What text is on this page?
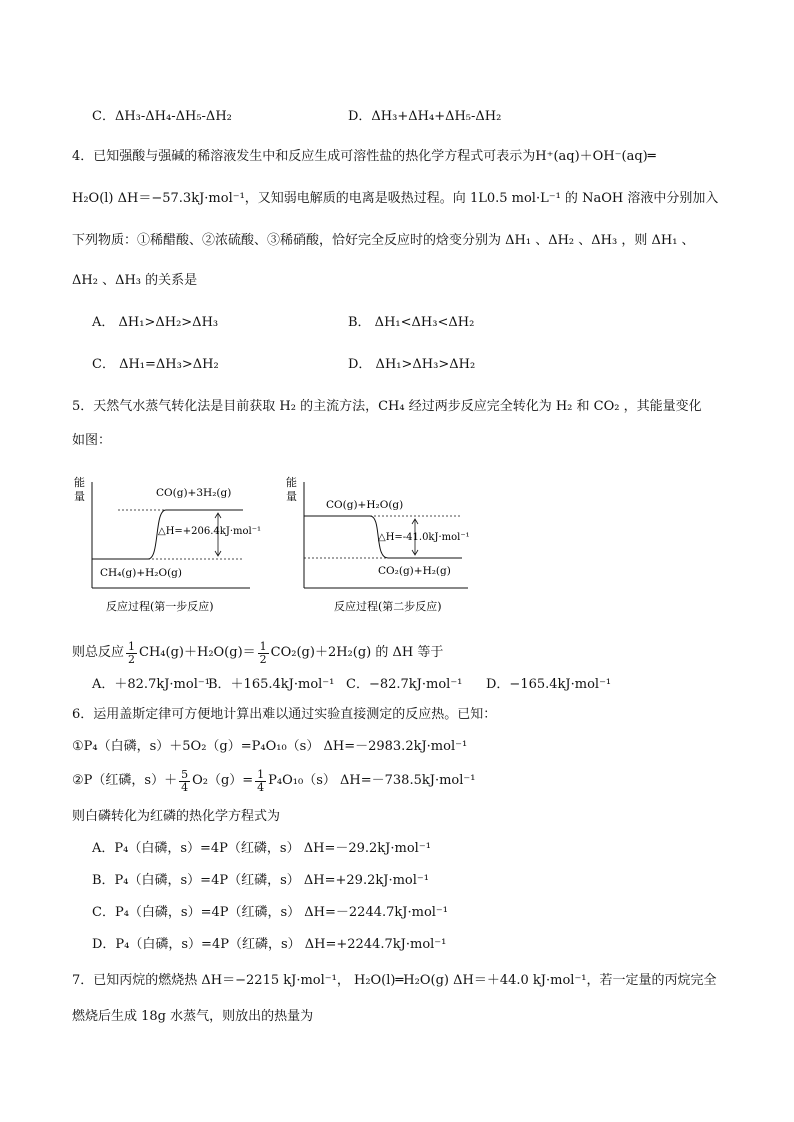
C．ΔH₃-ΔH₄-ΔH₅-ΔH₂	D．ΔH₃+ΔH₄+ΔH₅-ΔH₂
4．已知强酸与强碱的稀溶液发生中和反应生成可溶性盐的热化学方程式可表示为H⁺(aq)＋OH⁻(aq)═
H₂O(l) ΔH＝−57.3kJ·mol⁻¹，又知弱电解质的电离是吸热过程。向 1L0.5 mol·L⁻¹ 的 NaOH 溶液中分别加入
下列物质：①稀醋酸、②浓硫酸、③稀硝酸，恰好完全反应时的焓变分别为 ΔH₁ 、ΔH₂ 、ΔH₃ ，则 ΔH₁ 、
ΔH₂ 、ΔH₃ 的关系是
A． ΔH₁>ΔH₂>ΔH₃	B． ΔH₁<ΔH₃<ΔH₂
C． ΔH₁=ΔH₃>ΔH₂	D． ΔH₁>ΔH₃>ΔH₂
5．天然气水蒸气转化法是目前获取 H₂ 的主流方法，CH₄ 经过两步反应完全转化为 H₂ 和 CO₂ ，其能量变化
如图：
能
量	CO(g)+3H₂(g)
△H=+206.4kJ·mol⁻¹
CH₄(g)+H₂O(g)
反应过程(第一步反应)
能
量
CO(g)+H₂O(g)
△H=-41.0kJ·mol⁻¹
CO₂(g)+H₂(g)
反应过程(第二步反应)
则总反应 $\frac{1}{2} CH_4(g)+H_2O(g)= \frac{1}{2} CO_2(g)+2H_2(g)$ 的 ΔH 等于
A．＋82.7kJ·mol⁻¹
B．＋165.4kJ·mol⁻¹ C．−82.7kJ·mol⁻¹ D．−165.4kJ·mol⁻¹
6．运用盖斯定律可方便地计算出难以通过实验直接测定的反应热。已知：
①P₄（白磷，s）＋5O₂（g）=P₄O₁₀（s） ΔH=－2983.2kJ·mol⁻¹
②P（红磷，$s)+ \frac{5}{4} O_2(g)= \frac{1}{4} P_4O_{10}(s)$ ΔH=－738.5kJ·mol⁻¹
则白磷转化为红磷的热化学方程式为
A．P₄（白磷，s）=4P（红磷，s） ΔH=－29.2kJ·mol⁻¹
B．P₄（白磷，s）=4P（红磷，s） ΔH=+29.2kJ·mol⁻¹
C．P₄（白磷，s）=4P（红磷，s） ΔH=－2244.7kJ·mol⁻¹
D．P₄（白磷，s）=4P（红磷，s） ΔH=+2244.7kJ·mol⁻¹
7．已知丙烷的燃烧热 ΔH＝−2215 kJ·mol⁻¹， H₂O(l)═H₂O(g) ΔH＝＋44.0 kJ·mol⁻¹，若一定量的丙烷完全
燃烧后生成 18g 水蒸气，则放出的热量为
